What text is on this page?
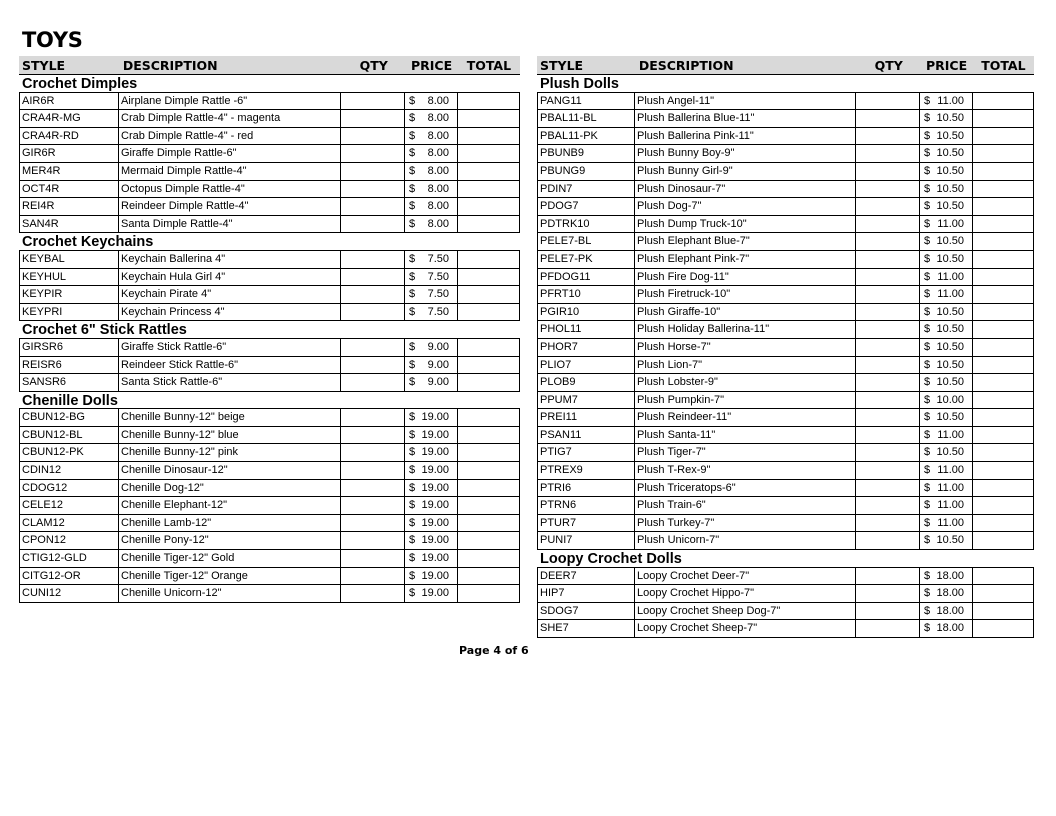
TOYS
STYLE	DESCRIPTION	QTY	PRICE	TOTAL
Crochet Dimples
AIR6R	Airplane Dimple Rattle -6"	$ 8.00
CRA4R-MG	Crab Dimple Rattle-4" - magenta	$ 8.00
CRA4R-RD	Crab Dimple Rattle-4" - red	$ 8.00
GIR6R	Giraffe Dimple Rattle-6"	$ 8.00
MER4R	Mermaid Dimple Rattle-4"	$ 8.00
OCT4R	Octopus Dimple Rattle-4"	$ 8.00
REI4R	Reindeer Dimple Rattle-4"	$ 8.00
SAN4R	Santa Dimple Rattle-4"	$ 8.00
Crochet Keychains
KEYBAL	Keychain Ballerina 4"	$ 7.50
KEYHUL	Keychain Hula Girl 4"	$ 7.50
KEYPIR	Keychain Pirate 4"	$ 7.50
KEYPRI	Keychain Princess 4"	$ 7.50
Crochet 6" Stick Rattles
GIRSR6	Giraffe Stick Rattle-6"	$ 9.00
REISR6	Reindeer Stick Rattle-6"	$ 9.00
SANSR6	Santa Stick Rattle-6"	$ 9.00
Chenille Dolls
CBUN12-BG	Chenille Bunny-12" beige	$ 19.00
CBUN12-BL	Chenille Bunny-12" blue	$ 19.00
CBUN12-PK	Chenille Bunny-12" pink	$ 19.00
CDIN12	Chenille Dinosaur-12"	$ 19.00
CDOG12	Chenille Dog-12"	$ 19.00
CELE12	Chenille Elephant-12"	$ 19.00
CLAM12	Chenille Lamb-12"	$ 19.00
CPON12	Chenille Pony-12"	$ 19.00
CTIG12-GLD	Chenille Tiger-12" Gold	$ 19.00
CITG12-OR	Chenille Tiger-12" Orange	$ 19.00
CUNI12	Chenille Unicorn-12"	$ 19.00
STYLE	DESCRIPTION	QTY	PRICE	TOTAL
Plush Dolls
PANG11	Plush Angel-11"	$ 11.00
PBAL11-BL	Plush Ballerina Blue-11"	$ 10.50
PBAL11-PK	Plush Ballerina Pink-11"	$ 10.50
PBUNB9	Plush Bunny Boy-9"	$ 10.50
PBUNG9	Plush Bunny Girl-9"	$ 10.50
PDIN7	Plush Dinosaur-7"	$ 10.50
PDOG7	Plush Dog-7"	$ 10.50
PDTRK10	Plush Dump Truck-10"	$ 11.00
PELE7-BL	Plush Elephant Blue-7"	$ 10.50
PELE7-PK	Plush Elephant Pink-7"	$ 10.50
PFDOG11	Plush Fire Dog-11"	$ 11.00
PFRT10	Plush Firetruck-10"	$ 11.00
PGIR10	Plush Giraffe-10"	$ 10.50
PHOL11	Plush Holiday Ballerina-11"	$ 10.50
PHOR7	Plush Horse-7"	$ 10.50
PLIO7	Plush Lion-7"	$ 10.50
PLOB9	Plush Lobster-9"	$ 10.50
PPUM7	Plush Pumpkin-7"	$ 10.00
PREI11	Plush Reindeer-11"	$ 10.50
PSAN11	Plush Santa-11"	$ 11.00
PTIG7	Plush Tiger-7"	$ 10.50
PTREX9	Plush T-Rex-9"	$ 11.00
PTRI6	Plush Triceratops-6"	$ 11.00
PTRN6	Plush Train-6"	$ 11.00
PTUR7	Plush Turkey-7"	$ 11.00
PUNI7	Plush Unicorn-7"	$ 10.50
Loopy Crochet Dolls
DEER7	Loopy Crochet Deer-7"	$ 18.00
HIP7	Loopy Crochet Hippo-7"	$ 18.00
SDOG7	Loopy Crochet Sheep Dog-7"	$ 18.00
SHE7	Loopy Crochet Sheep-7"	$ 18.00
Page 4 of 6
